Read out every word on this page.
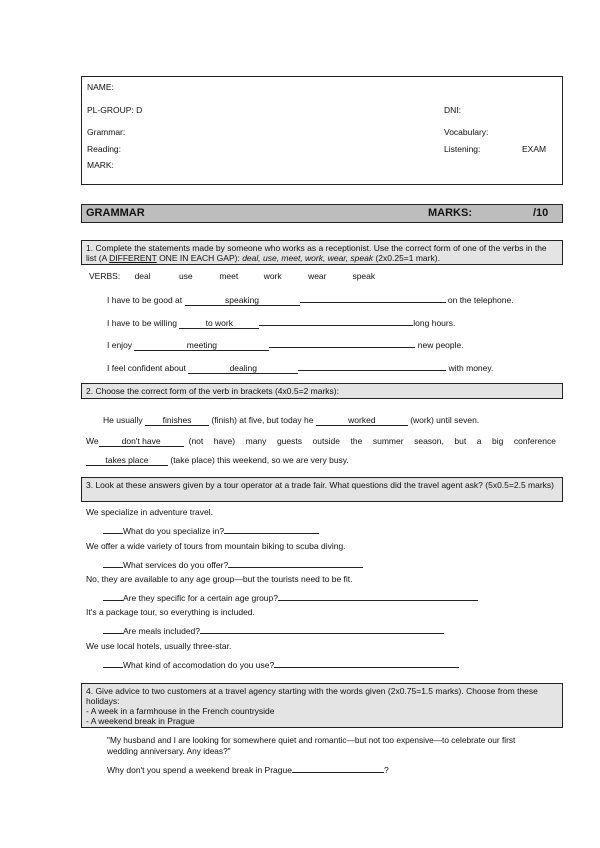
NAME:
PL-GROUP: D	DNI:
Grammar:	Vocabulary:
Reading:	Listening:	EXAM
MARK:
GRAMMAR	MARKS:	/10
1. Complete the statements made by someone who works as a receptionist. Use the correct form of one of the verbs in the list (A DIFFERENT ONE IN EACH GAP): deal, use, meet, work, wear, speak (2x0.25=1 mark).
VERBS: deal	use	meet	work	wear	speak
I have to be good at	speaking	on the telephone.
I have to be willing	to work	long hours.
I enjoy	meeting	new people.
I feel confident about	dealing	with money.
2. Choose the correct form of the verb in brackets (4x0.5=2 marks):
He usually finishes (finish) at five, but today he	worked	(work) until seven.
We	don't have	(not have) many guests outside the summer season, but a big conference
takes place (take place) this weekend, so we are very busy.
3. Look at these answers given by a tour operator at a trade fair. What questions did the travel agent ask? (5x0.5=2.5 marks)
We specialize in adventure travel.
What do you specialize in?
We offer a wide variety of tours from mountain biking to scuba diving.
What services do you offer?
No, they are available to any age group—but the tourists need to be fit.
Are they specific for a certain age group?
It's a package tour, so everything is included.
Are meals included?
We use local hotels, usually three-star.
What kind of accomodation do you use?
4. Give advice to two customers at a travel agency starting with the words given (2x0.75=1.5 marks). Choose from these holidays:
- A week in a farmhouse in the French countryside
- A weekend break in Prague
"My husband and I are looking for somewhere quiet and romantic—but not too expensive—to celebrate our first
wedding anniversary. Any ideas?"
Why don't you spend a weekend break in Prague	?
